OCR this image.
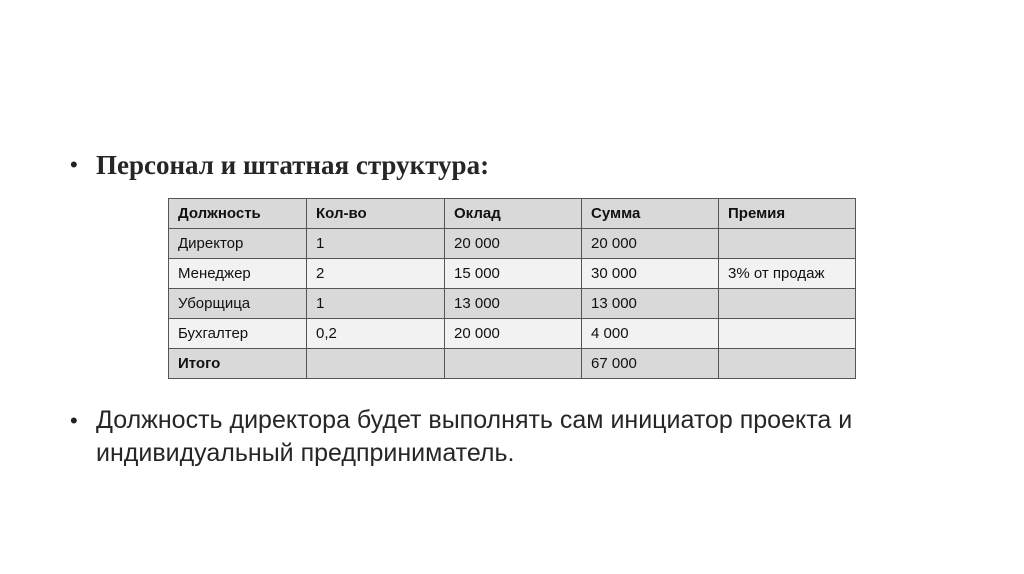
• Персонал и штатная структура:
Должность	Кол-во	Оклад	Сумма	Премия
Директор	1	20 000	20 000	
Менеджер	2	15 000	30 000	3% от продаж
Уборщица	1	13 000	13 000	
Бухгалтер	0,2	20 000	4 000	
Итого			67 000	
• Должность директора будет выполнять сам инициатор проекта и индивидуальный предприниматель.
